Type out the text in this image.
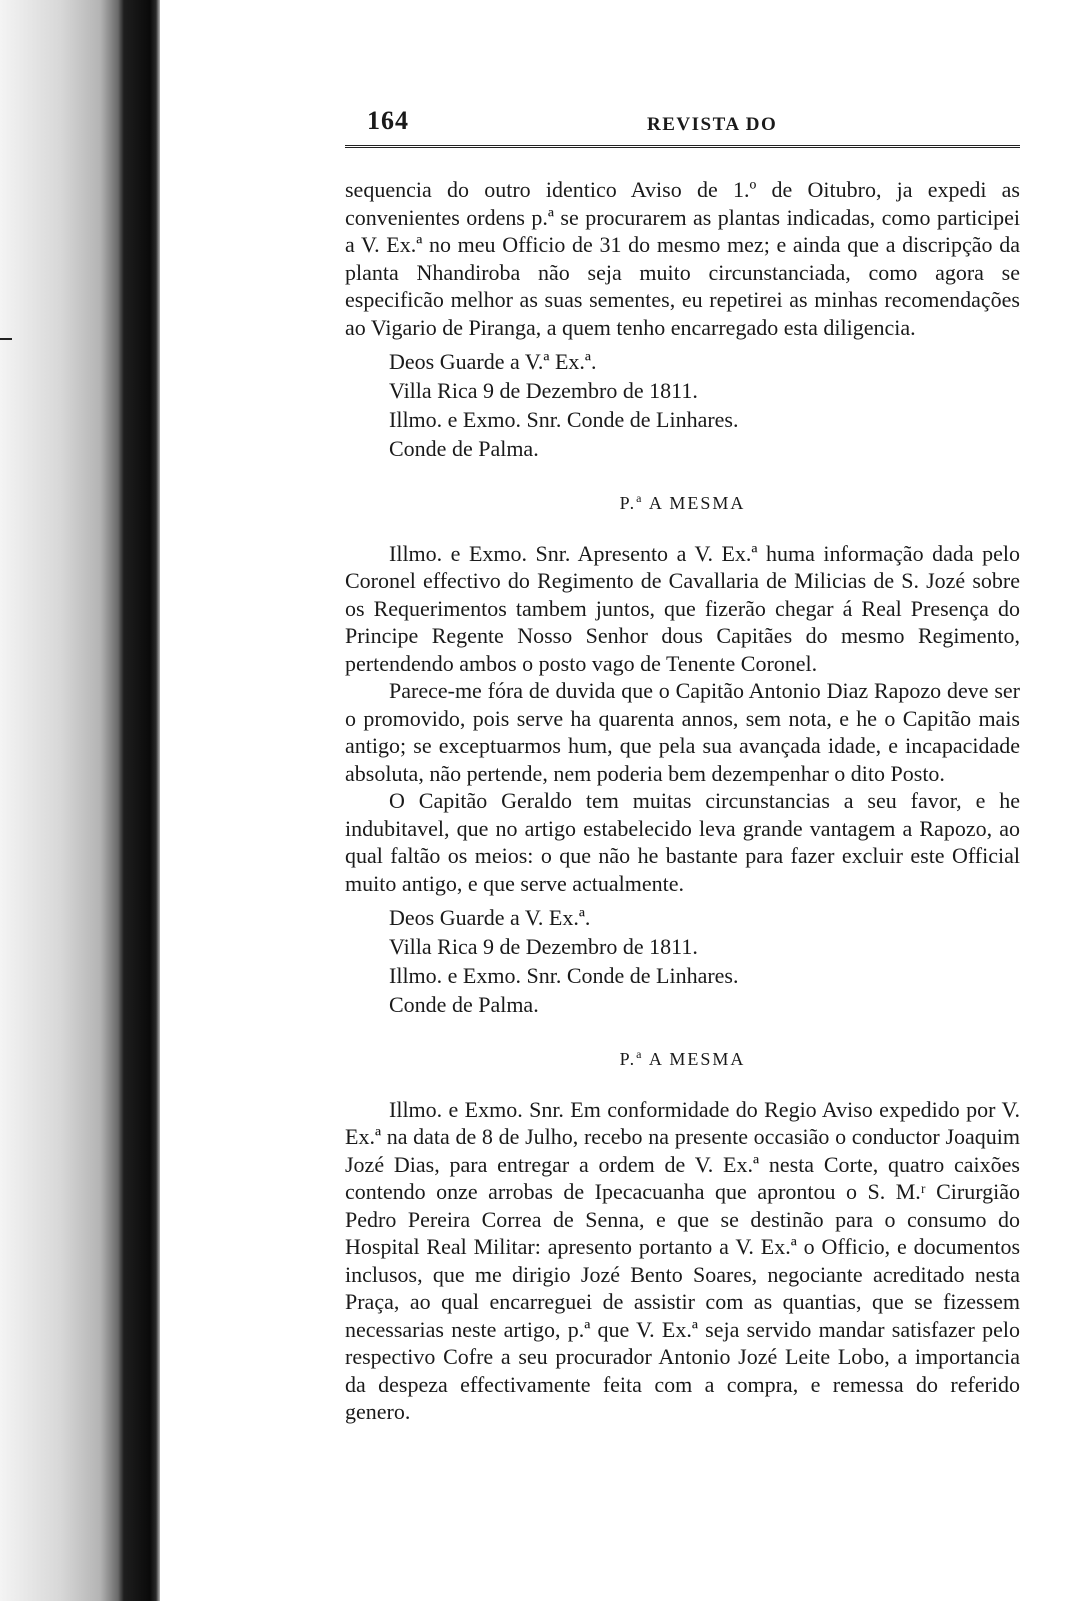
164	REVISTA DO

sequencia do outro identico Aviso de 1.º de Oitubro, ja expedi as convenientes ordens p.ª se procurarem as plantas indicadas, como participei a V. Ex.ª no meu Officio de 31 do mesmo mez; e ainda que a discripção da planta Nhandiroba não seja muito circunstanciada, como agora se especificão melhor as suas sementes, eu repetirei as minhas recomendações ao Vigario de Piranga, a quem tenho encarregado esta diligencia.

Deos Guarde a V.ª Ex.ª.

Villa Rica 9 de Dezembro de 1811.

Illmo. e Exmo. Snr. Conde de Linhares.

Conde de Palma.

P.$^a$ A MESMA

Illmo. e Exmo. Snr. Apresento a V. Ex.ª huma informação dada pelo Coronel effectivo do Regimento de Cavallaria de Milicias de S. Jozé sobre os Requerimentos tambem juntos, que fizerão chegar á Real Presença do Principe Regente Nosso Senhor dous Capitães do mesmo Regimento, pertendendo ambos o posto vago de Tenente Coronel.

Parece-me fóra de duvida que o Capitão Antonio Diaz Rapozo deve ser o promovido, pois serve ha quarenta annos, sem nota, e he o Capitão mais antigo; se exceptuarmos hum, que pela sua avançada idade, e incapacidade absoluta, não pertende, nem poderia bem dezempenhar o dito Posto.

O Capitão Geraldo tem muitas circunstancias a seu favor, e he indubitavel, que no artigo estabelecido leva grande vantagem a Rapozo, ao qual faltão os meios: o que não he bastante para fazer excluir este Official muito antigo, e que serve actualmente.

Deos Guarde a V. Ex.ª.

Villa Rica 9 de Dezembro de 1811.

Illmo. e Exmo. Snr. Conde de Linhares.

Conde de Palma.

P.$^a$ A MESMA

Illmo. e Exmo. Snr. Em conformidade do Regio Aviso expedido por V. Ex.ª na data de 8 de Julho, recebo na presente occasião o conductor Joaquim Jozé Dias, para entregar a ordem de V. Ex.ª nesta Corte, quatro caixões contendo onze arrobas de Ipecacuanha que aprontou o S. M.ʳ Cirurgião Pedro Pereira Correa de Senna, e que se destinão para o consumo do Hospital Real Militar: apresento portanto a V. Ex.ª o Officio, e documentos inclusos, que me dirigio Jozé Bento Soares, negociante acreditado nesta Praça, ao qual encarreguei de assistir com as quantias, que se fizessem necessarias neste artigo, p.ª que V. Ex.ª seja servido mandar satisfazer pelo respectivo Cofre a seu procurador Antonio Jozé Leite Lobo, a importancia da despeza effectivamente feita com a compra, e remessa do referido genero.
